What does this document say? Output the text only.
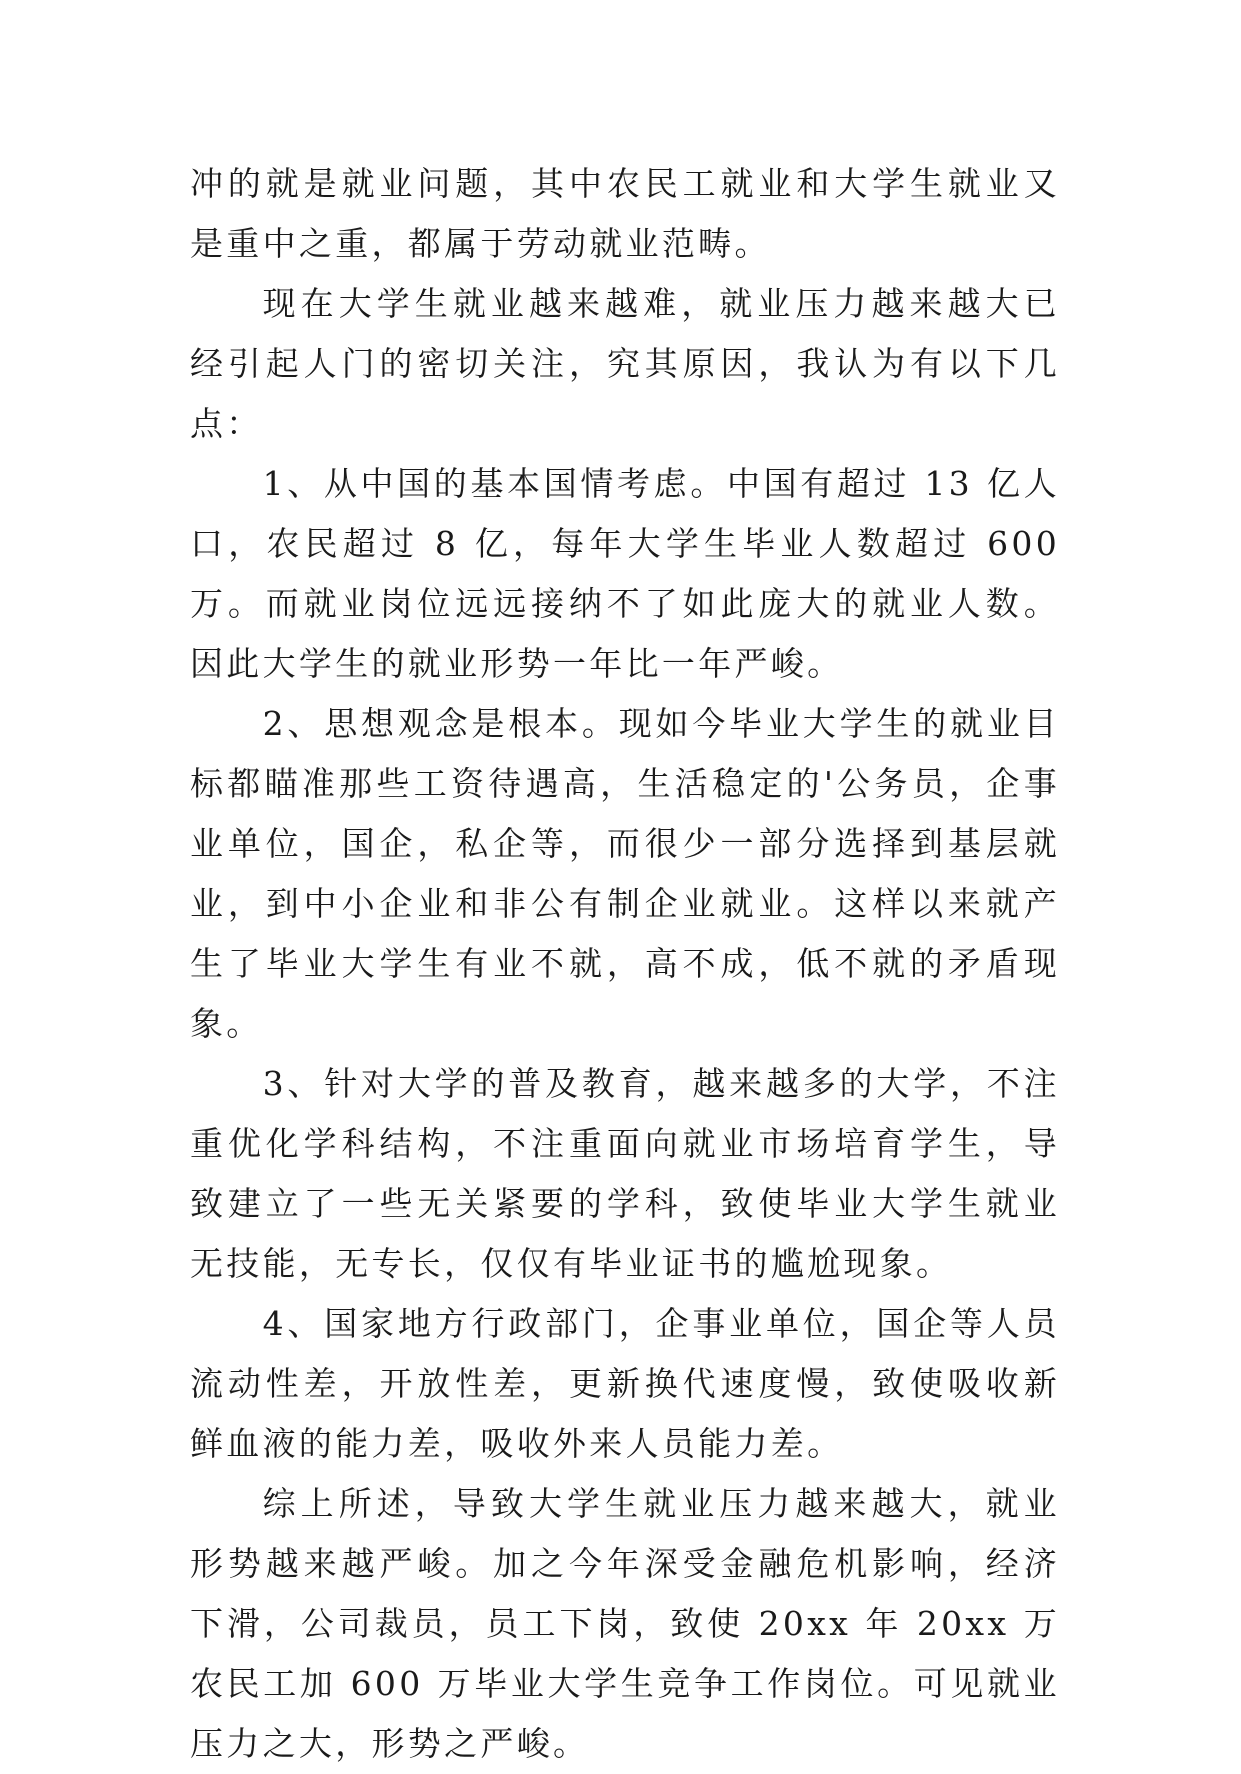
冲的就是就业问题，其中农民工就业和大学生就业又是重中之重，都属于劳动就业范畴。

现在大学生就业越来越难，就业压力越来越大已经引起人门的密切关注，究其原因，我认为有以下几点：

1、从中国的基本国情考虑。中国有超过 13 亿人口，农民超过 8 亿，每年大学生毕业人数超过 600 万。而就业岗位远远接纳不了如此庞大的就业人数。因此大学生的就业形势一年比一年严峻。

2、思想观念是根本。现如今毕业大学生的就业目标都瞄准那些工资待遇高，生活稳定的'公务员，企事业单位，国企，私企等，而很少一部分选择到基层就业，到中小企业和非公有制企业就业。这样以来就产生了毕业大学生有业不就，高不成，低不就的矛盾现象。

3、针对大学的普及教育，越来越多的大学，不注重优化学科结构，不注重面向就业市场培育学生，导致建立了一些无关紧要的学科，致使毕业大学生就业无技能，无专长，仅仅有毕业证书的尴尬现象。

4、国家地方行政部门，企事业单位，国企等人员流动性差，开放性差，更新换代速度慢，致使吸收新鲜血液的能力差，吸收外来人员能力差。

综上所述，导致大学生就业压力越来越大，就业形势越来越严峻。加之今年深受金融危机影响，经济下滑，公司裁员，员工下岗，致使 20xx 年 20xx 万农民工加 600 万毕业大学生竞争工作岗位。可见就业压力之大，形势之严峻。
